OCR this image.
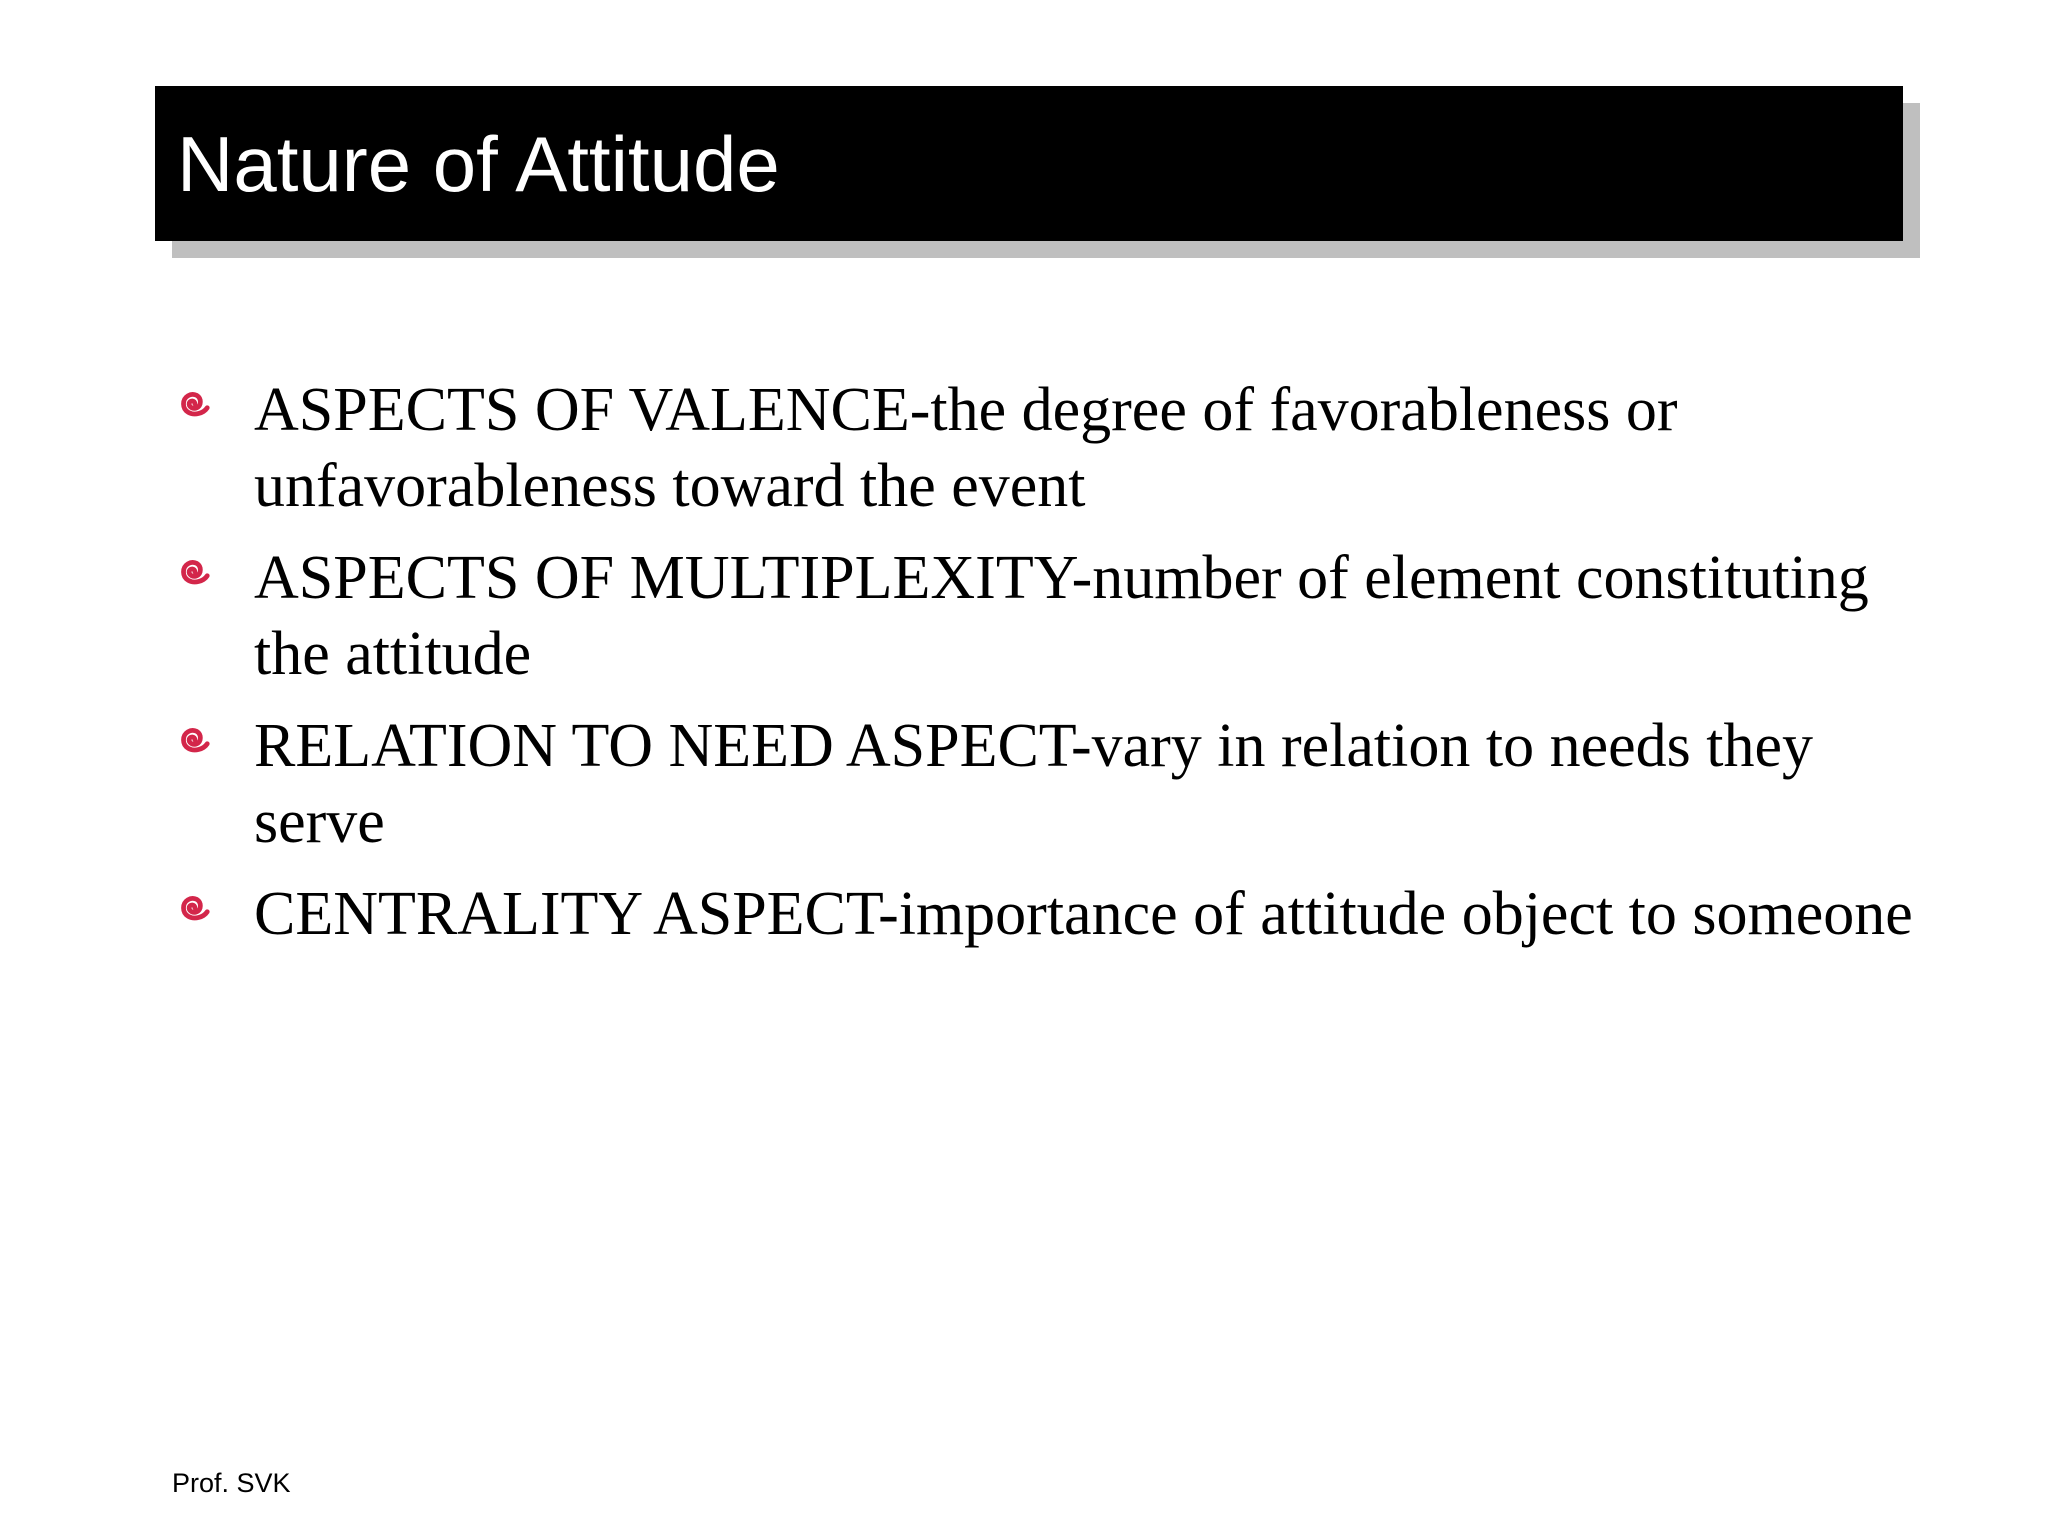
Nature of Attitude
ASPECTS OF VALENCE-the degree of favorableness or unfavorableness toward the event
ASPECTS OF MULTIPLEXITY-number of element constituting the attitude
RELATION TO NEED ASPECT-vary in relation to needs they serve
CENTRALITY ASPECT-importance of attitude object to someone
Prof. SVK
